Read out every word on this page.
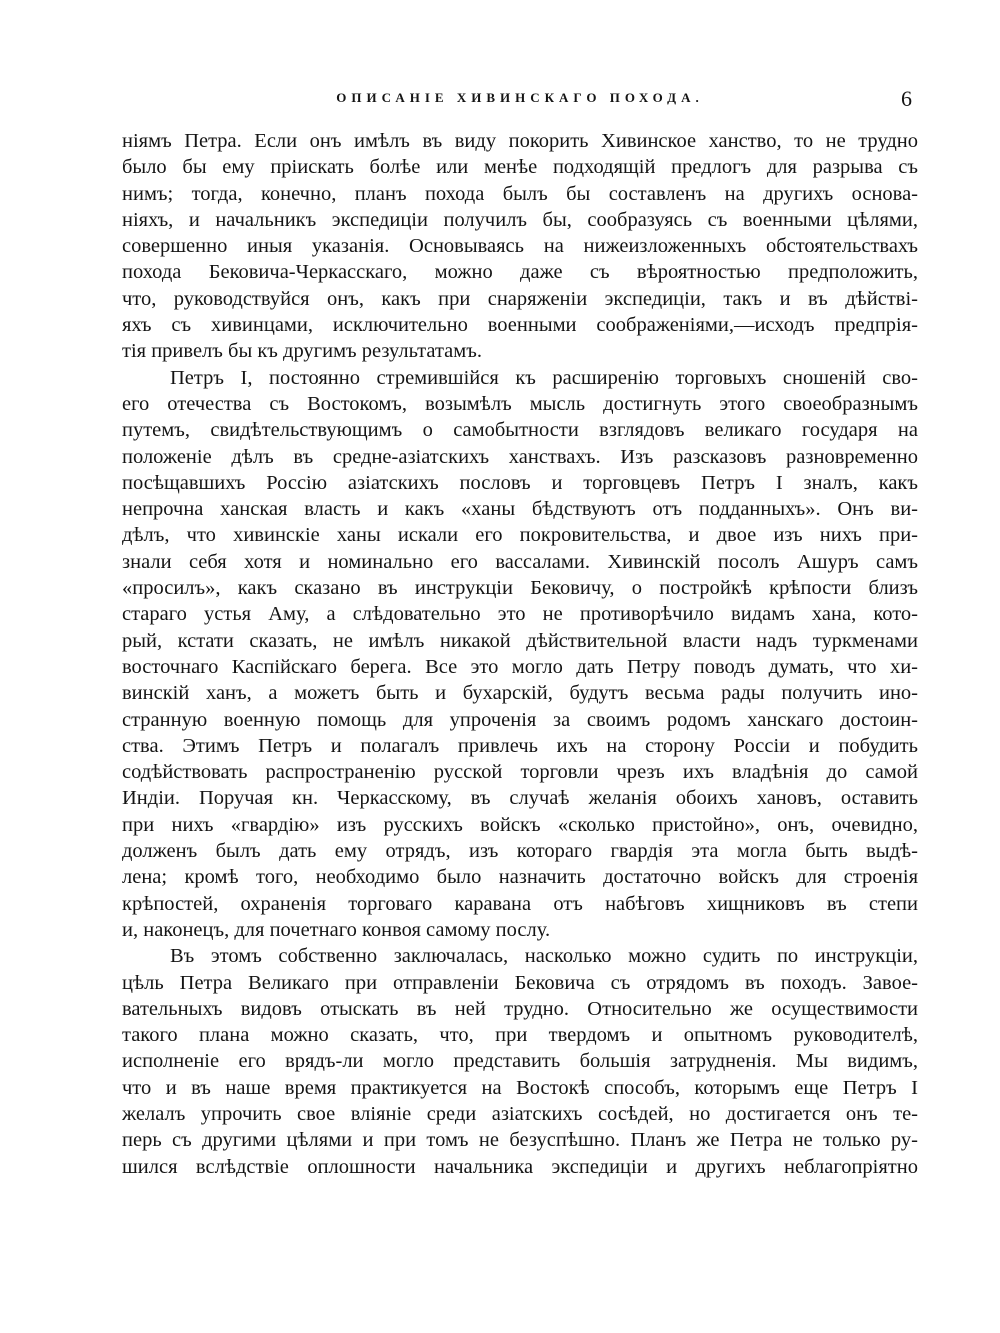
ОПИСАНІЕ ХИВИНСКАГО ПОХОДА.	6

ніямъ Петра. Если онъ имѣлъ въ виду покорить Хивинское ханство, то не трудно
было бы ему пріискать болѣе или менѣе подходящій предлогъ для разрыва съ
нимъ; тогда, конечно, планъ похода былъ бы составленъ на другихъ основа-
ніяхъ, и начальникъ экспедиціи получилъ бы, сообразуясь съ военными цѣлями,
совершенно иныя указанія. Основываясь на нижеизложенныхъ обстоятельствахъ
похода Бековича-Черкасскаго, можно даже съ вѣроятностью предположить,
что, руководствуйся онъ, какъ при снаряженіи экспедиціи, такъ и въ дѣйстві-
яхъ съ хивинцами, исключительно военными соображеніями,—исходъ предпрія-
тія привелъ бы къ другимъ результатамъ.

Петръ I, постоянно стремившійся къ расширенію торговыхъ сношеній сво-
его отечества съ Востокомъ, возымѣлъ мысль достигнуть этого своеобразнымъ
путемъ, свидѣтельствующимъ о самобытности взглядовъ великаго государя на
положеніе дѣлъ въ средне-азіатскихъ ханствахъ. Изъ разсказовъ разновременно
посѣщавшихъ Россію азіатскихъ пословъ и торговцевъ Петръ I зналъ, какъ
непрочна ханская власть и какъ «ханы бѣдствуютъ отъ подданныхъ». Онъ ви-
дѣлъ, что хивинскіе ханы искали его покровительства, и двое изъ нихъ при-
знали себя хотя и номинально его вассалами. Хивинскій посолъ Ашуръ самъ
«просилъ», какъ сказано въ инструкціи Бековичу, о постройкѣ крѣпости близъ
стараго устья Аму, а слѣдовательно это не противорѣчило видамъ хана, кото-
рый, кстати сказать, не имѣлъ никакой дѣйствительной власти надъ туркменами
восточнаго Каспійскаго берега. Все это могло дать Петру поводъ думать, что хи-
винскій ханъ, а можетъ быть и бухарскій, будутъ весьма рады получить ино-
странную военную помощь для упроченія за своимъ родомъ ханскаго достоин-
ства. Этимъ Петръ и полагалъ привлечь ихъ на сторону Россіи и побудить
содѣйствовать распространенію русской торговли чрезъ ихъ владѣнія до самой
Индіи. Поручая кн. Черкасскому, въ случаѣ желанія обоихъ хановъ, оставить
при нихъ «гвардію» изъ русскихъ войскъ «сколько пристойно», онъ, очевидно,
долженъ былъ дать ему отрядъ, изъ котораго гвардія эта могла быть выдѣ-
лена; кромѣ того, необходимо было назначить достаточно войскъ для строенія
крѣпостей, охраненія торговаго каравана отъ набѣговъ хищниковъ въ степи
и, наконецъ, для почетнаго конвоя самому послу.

Въ этомъ собственно заключалась, насколько можно судить по инструкціи,
цѣль Петра Великаго при отправленіи Бековича съ отрядомъ въ походъ. Завое-
вательныхъ видовъ отыскать въ ней трудно. Относительно же осуществимости
такого плана можно сказать, что, при твердомъ и опытномъ руководителѣ,
исполненіе его врядъ-ли могло представить большія затрудненія. Мы видимъ,
что и въ наше время практикуется на Востокѣ способъ, которымъ еще Петръ I
желалъ упрочить свое вліяніе среди азіатскихъ сосѣдей, но достигается онъ те-
перь съ другими цѣлями и при томъ не безуспѣшно. Планъ же Петра не только ру-
шился вслѣдствіе оплошности начальника экспедиціи и другихъ неблагопріятно
